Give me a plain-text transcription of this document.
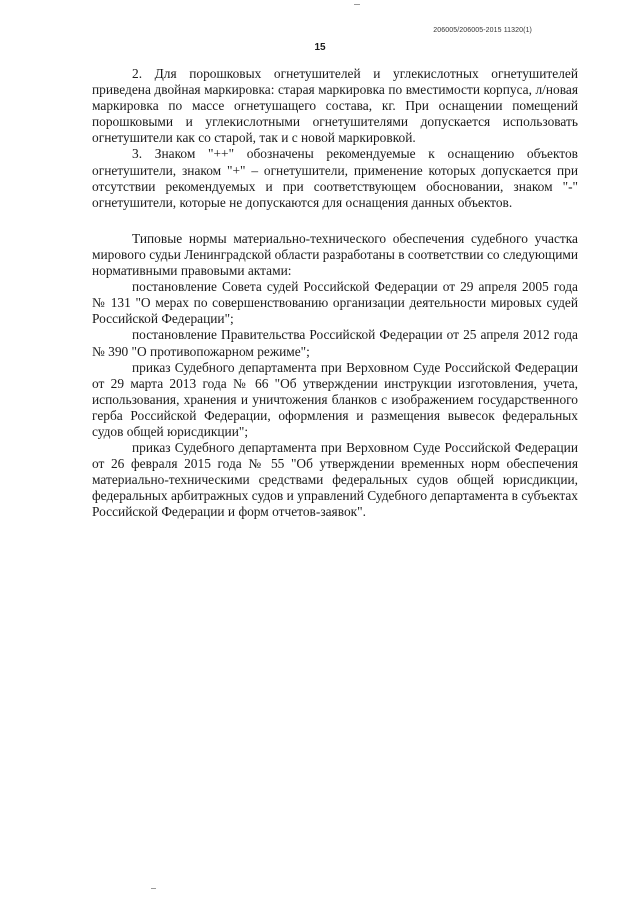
206005/206005-2015 11320(1)
15

2. Для порошковых огнетушителей и углекислотных огнетушителей приведена двойная маркировка: старая маркировка по вместимости корпуса, л/новая маркировка по массе огнетушащего состава, кг. При оснащении помещений порошковыми и углекислотными огнетушителями допускается использовать огнетушители как со старой, так и с новой маркировкой.

3. Знаком "++" обозначены рекомендуемые к оснащению объектов огнетушители, знаком "+" – огнетушители, применение которых допускается при отсутствии рекомендуемых и при соответствующем обосновании, знаком "-" огнетушители, которые не допускаются для оснащения данных объектов.

Типовые нормы материально-технического обеспечения судебного участка мирового судьи Ленинградской области разработаны в соответствии со следующими нормативными правовыми актами:

постановление Совета судей Российской Федерации от 29 апреля 2005 года № 131 "О мерах по совершенствованию организации деятельности мировых судей Российской Федерации";

постановление Правительства Российской Федерации от 25 апреля 2012 года № 390 "О противопожарном режиме";

приказ Судебного департамента при Верховном Суде Российской Федерации от 29 марта 2013 года № 66 "Об утверждении инструкции изготовления, учета, использования, хранения и уничтожения бланков с изображением государственного герба Российской Федерации, оформления и размещения вывесок федеральных судов общей юрисдикции";

приказ Судебного департамента при Верховном Суде Российской Федерации от 26 февраля 2015 года № 55 "Об утверждении временных норм обеспечения материально-техническими средствами федеральных судов общей юрисдикции, федеральных арбитражных судов и управлений Судебного департамента в субъектах Российской Федерации и форм отчетов-заявок".
